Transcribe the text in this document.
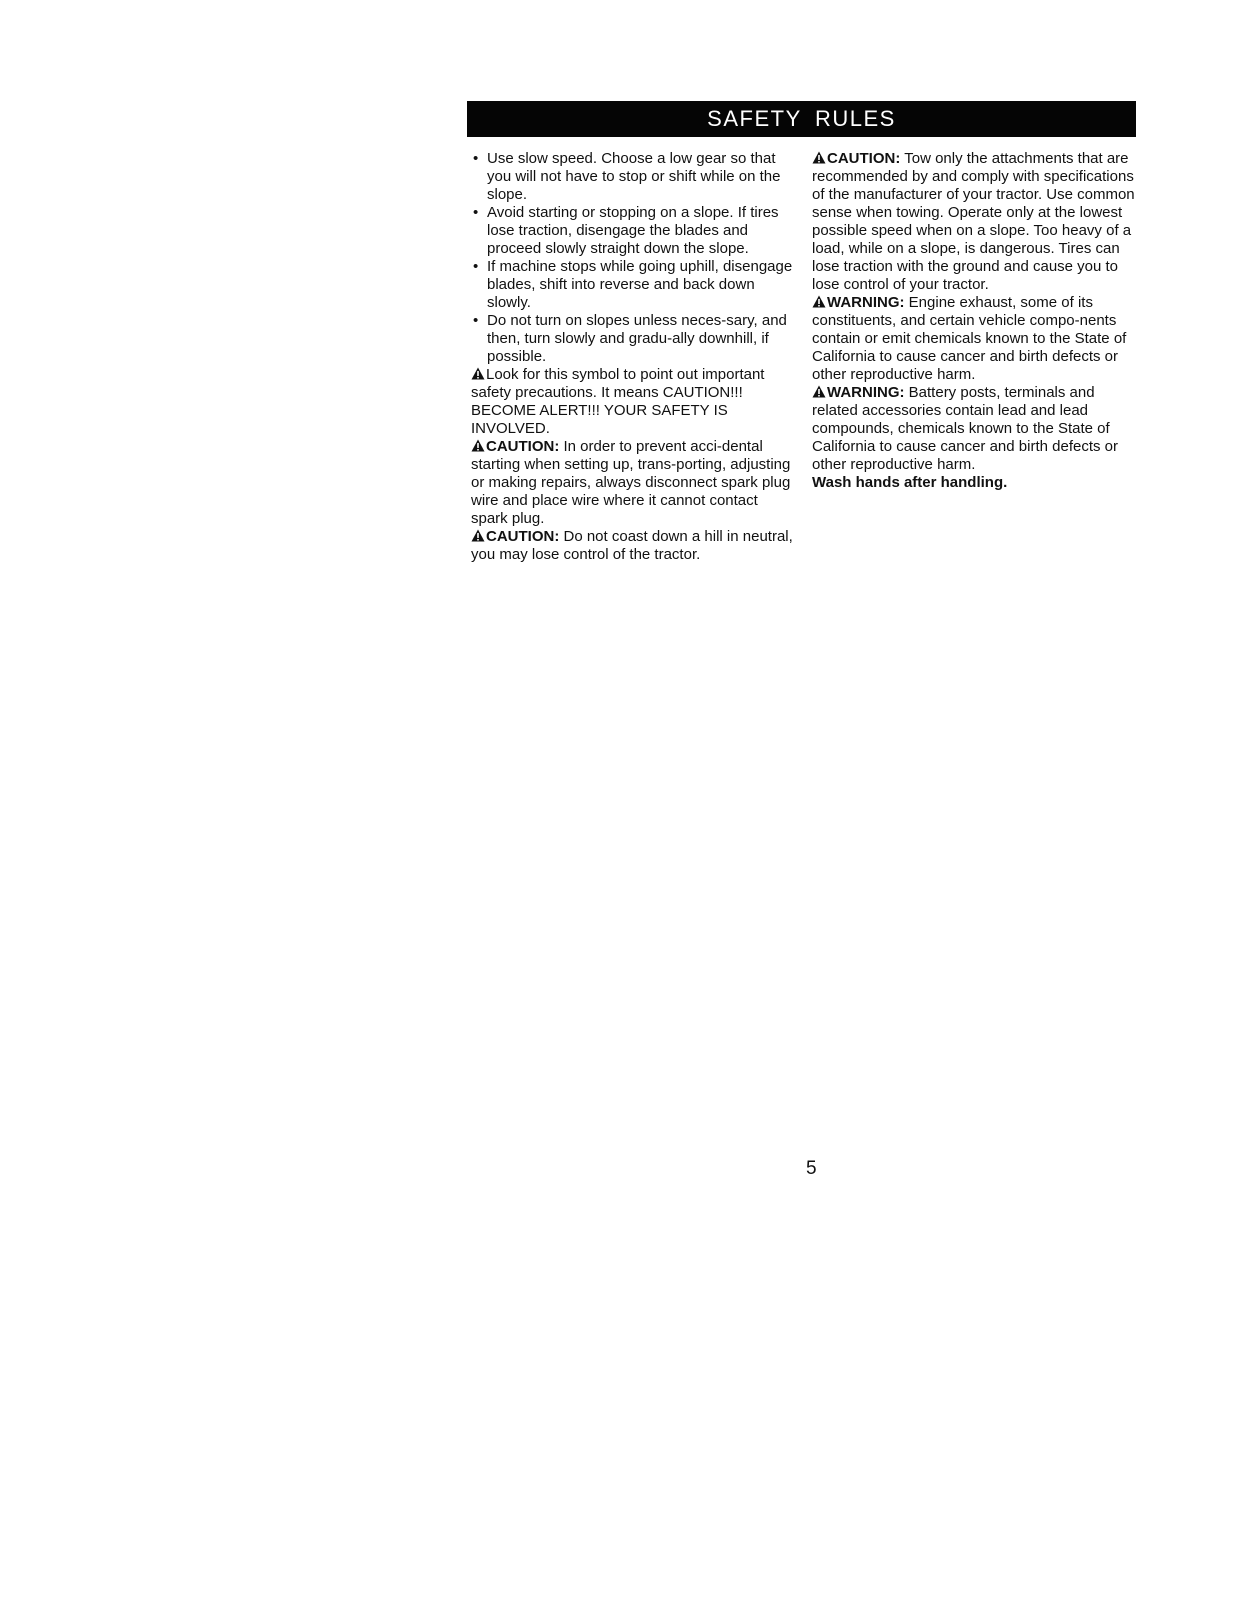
SAFETY RULES
• Use slow speed. Choose a low gear so that you will not have to stop or shift while on the slope.
• Avoid starting or stopping on a slope. If tires lose traction, disengage the blades and proceed slowly straight down the slope.
• If machine stops while going uphill, disengage blades, shift into reverse and back down slowly.
• Do not turn on slopes unless neces-sary, and then, turn slowly and gradu-ally downhill, if possible.

Look for this symbol to point out important safety precautions. It means CAUTION!!! BECOME ALERT!!! YOUR SAFETY IS INVOLVED.

CAUTION: In order to prevent acci-dental starting when setting up, trans-porting, adjusting or making repairs, always disconnect spark plug wire and place wire where it cannot contact spark plug.

CAUTION: Do not coast down a hill in neutral, you may lose control of the tractor.

CAUTION: Tow only the attachments that are recommended by and comply with specifications of the manufacturer of your tractor. Use common sense when towing. Operate only at the lowest possible speed when on a slope. Too heavy of a load, while on a slope, is dangerous. Tires can lose traction with the ground and cause you to lose control of your tractor.

WARNING: Engine exhaust, some of its constituents, and certain vehicle compo-nents contain or emit chemicals known to the State of California to cause cancer and birth defects or other reproductive harm.

WARNING: Battery posts, terminals and related accessories contain lead and lead compounds, chemicals known to the State of California to cause cancer and birth defects or other reproductive harm.
Wash hands after handling.

5
